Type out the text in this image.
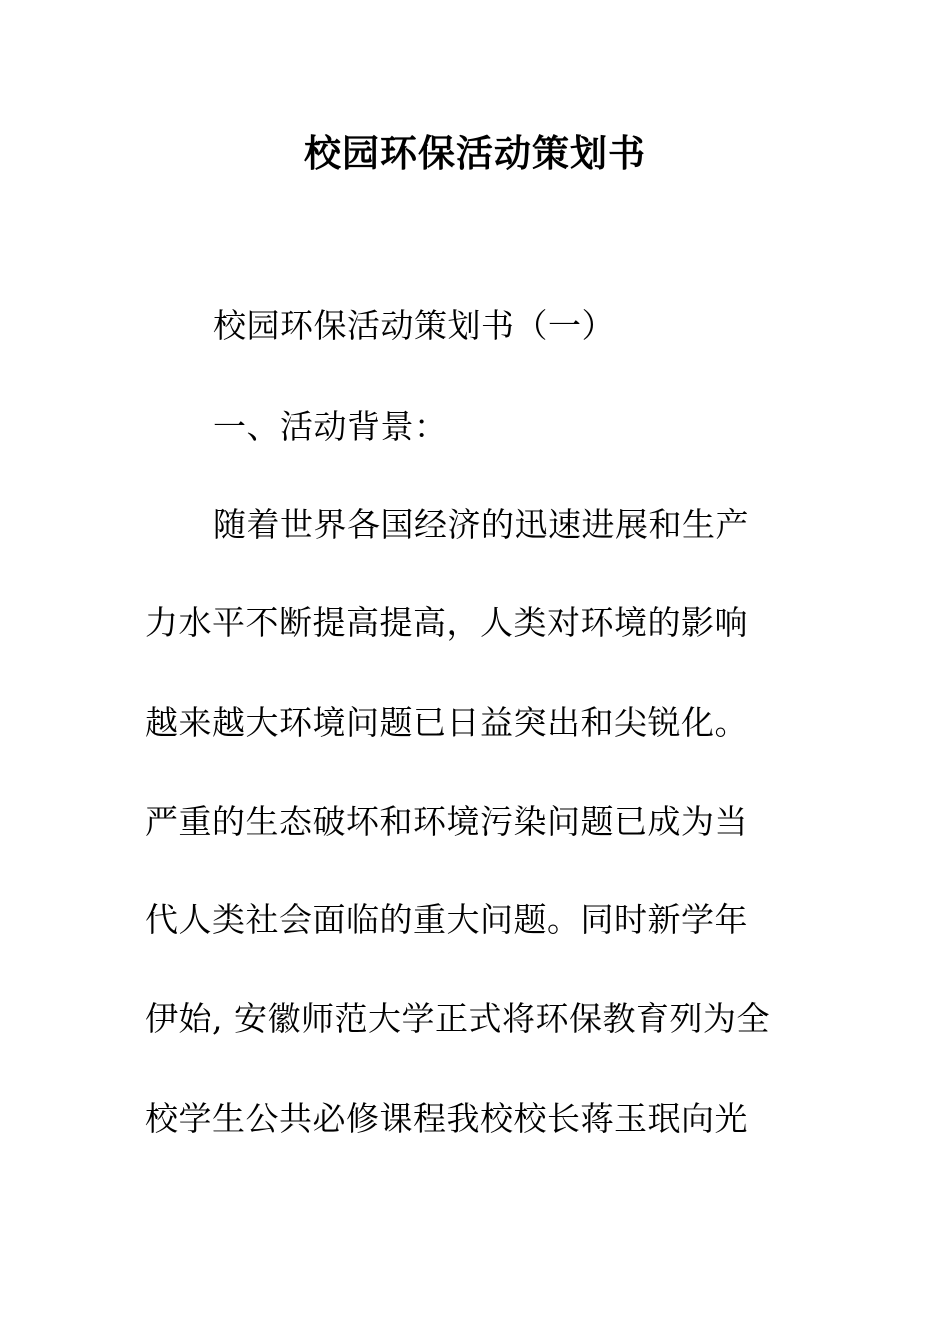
校园环保活动策划书
校园环保活动策划书（一）
一、活动背景：
随着世界各国经济的迅速进展和生产
力水平不断提高提高，人类对环境的影响
越来越大环境问题已日益突出和尖锐化。
严重的生态破坏和环境污染问题已成为当
代人类社会面临的重大问题。同时新学年
伊始, 安徽师范大学正式将环保教育列为全
校学生公共必修课程我校校长蒋玉珉向光
